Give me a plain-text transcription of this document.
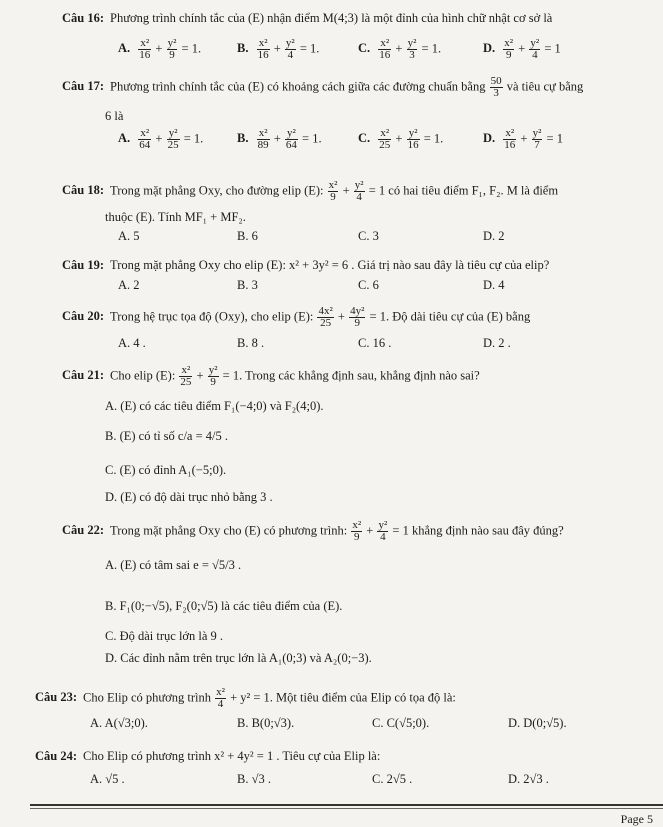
Câu 16: Phương trình chính tắc của (E) nhận điểm M(4;3) là một đỉnh của hình chữ nhật cơ sở là
A. $\frac{\text{x²}}{16} + \frac{\text{y²}}{9} = 1$.	B. $\frac{\text{x²}}{16} + \frac{\text{y²}}{4} = 1$.	C. $\frac{\text{x²}}{16} + \frac{\text{y²}}{3} = 1$.	D. $\frac{\text{x²}}{9} + \frac{\text{y²}}{4} = 1$
Câu 17: Phương trình chính tắc của (E) có khoảng cách giữa các đường chuẩn bằng $\frac{50}{3}$ và tiêu cự bằng
6 là
A. $\frac{\text{x²}}{64} + \frac{\text{y²}}{25} = 1$.	B. $\frac{\text{x²}}{89} + \frac{\text{y²}}{64} = 1$.	C. $\frac{\text{x²}}{25} + \frac{\text{y²}}{16} = 1$.	D. $\frac{\text{x²}}{16} + \frac{\text{y²}}{7} = 1$
Câu 18: Trong mặt phẳng Oxy, cho đường elip (E): $\frac{\text{x²}}{9} + \frac{\text{y²}}{4} = 1$ có hai tiêu điểm F₁, F₂. M là điểm
thuộc (E). Tính MF₁ + MF₂.
A. 5	B. 6	C. 3	D. 2
Câu 19: Trong mặt phẳng Oxy cho elip (E): x² + 3y² = 6 . Giá trị nào sau đây là tiêu cự của elip?
A. 2	B. 3	C. 6	D. 4
Câu 20: Trong hệ trục tọa độ (Oxy), cho elip (E): $\frac{\text{4x²}}{25} + \frac{\text{4y²}}{9} = 1$. Độ dài tiêu cự của (E) bằng
A. 4 .	B. 8 .	C. 16 .	D. 2 .
Câu 21: Cho elip (E): $\frac{\text{x²}}{25} + \frac{\text{y²}}{9} = 1$. Trong các khẳng định sau, khẳng định nào sai?
A. (E) có các tiêu điểm F₁(−4;0) và F₂(4;0).
B. (E) có tỉ số c/a = 4/5 .
C. (E) có đỉnh A₁(−5;0).
D. (E) có độ dài trục nhỏ bằng 3 .
Câu 22: Trong mặt phẳng Oxy cho (E) có phương trình: $\frac{\text{x²}}{9} + \frac{\text{y²}}{4} = 1$ khẳng định nào sau đây đúng?
A. (E) có tâm sai e = √5/3 .
B. F₁(0;−√5), F₂(0;√5) là các tiêu điểm của (E).
C. Độ dài trục lớn là 9 .
D. Các đỉnh nằm trên trục lớn là A₁(0;3) và A₂(0;−3).
Câu 23: Cho Elip có phương trình $\frac{\text{x²}}{4} + y^2 = 1$. Một tiêu điểm của Elip có tọa độ là:
A. A(√3;0).	B. B(0;√3).	C. C(√5;0).	D. D(0;√5).
Câu 24: Cho Elip có phương trình x² + 4y² = 1 . Tiêu cự của Elip là:
A. √5 .	B. √3 .	C. 2√5 .	D. 2√3 .
Page 5
